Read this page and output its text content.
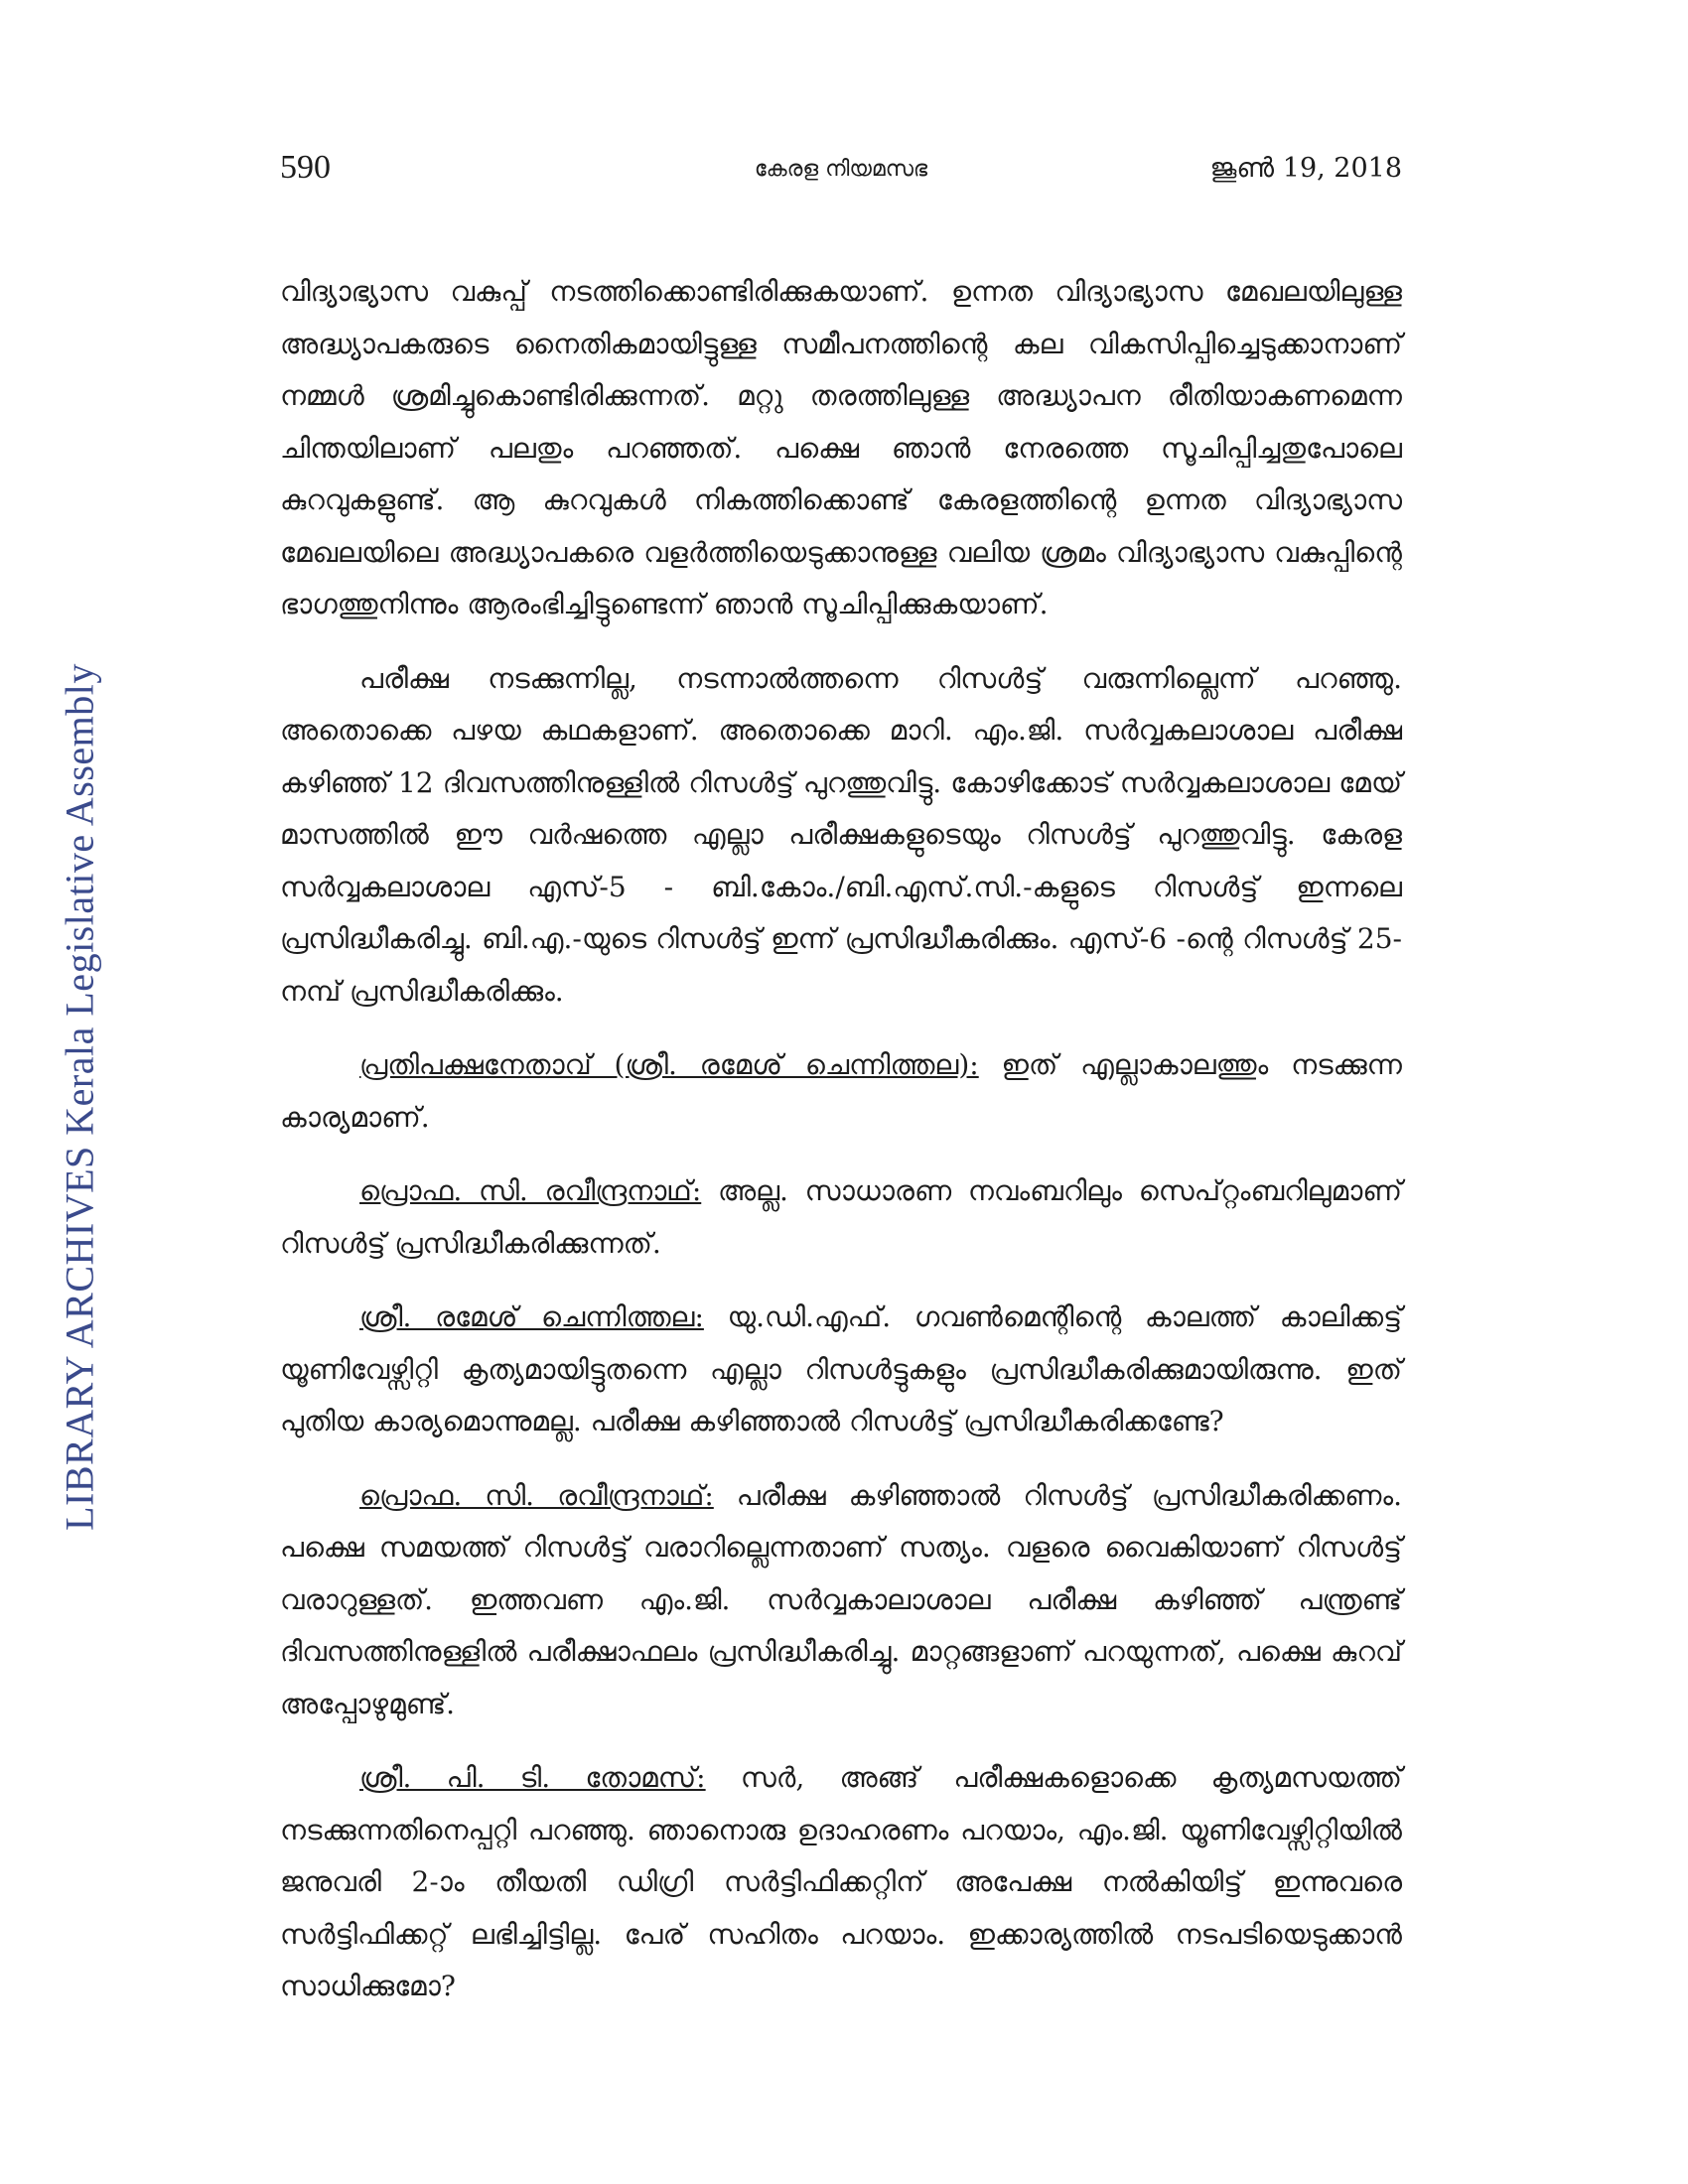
LIBRARY ARCHIVES Kerala Legislative Assembly
590	കേരള നിയമസഭ	ജൂൺ 19, 2018

വിദ്യാഭ്യാസ വകുപ്പ് നടത്തിക്കൊണ്ടിരിക്കുകയാണ്. ഉന്നത വിദ്യാഭ്യാസ മേഖലയിലുള്ള അദ്ധ്യാപകരുടെ നൈതികമായിട്ടുള്ള സമീപനത്തിന്റെ കല വികസിപ്പിച്ചെടുക്കാനാണ് നമ്മൾ ശ്രമിച്ചുകൊണ്ടിരിക്കുന്നത്. മറ്റു തരത്തിലുള്ള അദ്ധ്യാപന രീതിയാകണമെന്ന ചിന്തയിലാണ് പലതും പറഞ്ഞത്. പക്ഷെ ഞാൻ നേരത്തെ സൂചിപ്പിച്ചതുപോലെ കുറവുകളുണ്ട്. ആ കുറവുകൾ നികത്തിക്കൊണ്ട് കേരളത്തിന്റെ ഉന്നത വിദ്യാഭ്യാസ മേഖലയിലെ അദ്ധ്യാപകരെ വളർത്തിയെടുക്കാനുള്ള വലിയ ശ്രമം വിദ്യാഭ്യാസ വകുപ്പിന്റെ ഭാഗത്തുനിന്നും ആരംഭിച്ചിട്ടുണ്ടെന്ന് ഞാൻ സൂചിപ്പിക്കുകയാണ്.

പരീക്ഷ നടക്കുന്നില്ല, നടന്നാൽത്തന്നെ റിസൾട്ട് വരുന്നില്ലെന്ന് പറഞ്ഞു. അതൊക്കെ പഴയ കഥകളാണ്. അതൊക്കെ മാറി. എം.ജി. സർവ്വകലാശാല പരീക്ഷ കഴിഞ്ഞ് 12 ദിവസത്തിനുള്ളിൽ റിസൾട്ട് പുറത്തുവിട്ടു. കോഴിക്കോട് സർവ്വകലാശാല മേയ് മാസത്തിൽ ഈ വർഷത്തെ എല്ലാ പരീക്ഷകളുടെയും റിസൾട്ട് പുറത്തുവിട്ടു. കേരള സർവ്വകലാശാല എസ്-5 - ബി.കോം./ബി.എസ്.സി.-കളുടെ റിസൾട്ട് ഇന്നലെ പ്രസിദ്ധീകരിച്ചു. ബി.എ.-യുടെ റിസൾട്ട് ഇന്ന് പ്രസിദ്ധീകരിക്കും. എസ്-6 -ന്റെ റിസൾട്ട് 25-നമ്പ് പ്രസിദ്ധീകരിക്കും.

പ്രതിപക്ഷനേതാവ് (ശ്രീ. രമേശ് ചെന്നിത്തല): ഇത് എല്ലാകാലത്തും നടക്കുന്ന കാര്യമാണ്.

പ്രൊഫ. സി. രവീന്ദ്രനാഥ്: അല്ല. സാധാരണ നവംബറിലും സെപ്റ്റംബറിലുമാണ് റിസൾട്ട് പ്രസിദ്ധീകരിക്കുന്നത്.

ശ്രീ. രമേശ് ചെന്നിത്തല: യു.ഡി.എഫ്. ഗവൺമെന്റിന്റെ കാലത്ത് കാലിക്കട്ട് യൂണിവേഴ്സിറ്റി കൃത്യമായിട്ടുതന്നെ എല്ലാ റിസൾട്ടുകളും പ്രസിദ്ധീകരിക്കുമായിരുന്നു. ഇത് പുതിയ കാര്യമൊന്നുമല്ല. പരീക്ഷ കഴിഞ്ഞാൽ റിസൾട്ട് പ്രസിദ്ധീകരിക്കണ്ടേ?

പ്രൊഫ. സി. രവീന്ദ്രനാഥ്: പരീക്ഷ കഴിഞ്ഞാൽ റിസൾട്ട് പ്രസിദ്ധീകരിക്കണം. പക്ഷെ സമയത്ത് റിസൾട്ട് വരാറില്ലെന്നതാണ് സത്യം. വളരെ വൈകിയാണ് റിസൾട്ട് വരാറുള്ളത്. ഇത്തവണ എം.ജി. സർവ്വകാലാശാല പരീക്ഷ കഴിഞ്ഞ് പന്ത്രണ്ട് ദിവസത്തിനുള്ളിൽ പരീക്ഷാഫലം പ്രസിദ്ധീകരിച്ചു. മാറ്റങ്ങളാണ് പറയുന്നത്, പക്ഷെ കുറവ് അപ്പോഴുമുണ്ട്.

ശ്രീ. പി. ടി. തോമസ്: സർ, അങ്ങ് പരീക്ഷകളൊക്കെ കൃത്യമസയത്ത് നടക്കുന്നതിനെപ്പറ്റി പറഞ്ഞു. ഞാനൊരു ഉദാഹരണം പറയാം, എം.ജി. യൂണിവേഴ്സിറ്റിയിൽ ജനുവരി 2-ാം തീയതി ഡിഗ്രി സർട്ടിഫിക്കറ്റിന് അപേക്ഷ നൽകിയിട്ട് ഇന്നുവരെ സർട്ടിഫിക്കറ്റ് ലഭിച്ചിട്ടില്ല. പേര് സഹിതം പറയാം. ഇക്കാര്യത്തിൽ നടപടിയെടുക്കാൻ സാധിക്കുമോ?
